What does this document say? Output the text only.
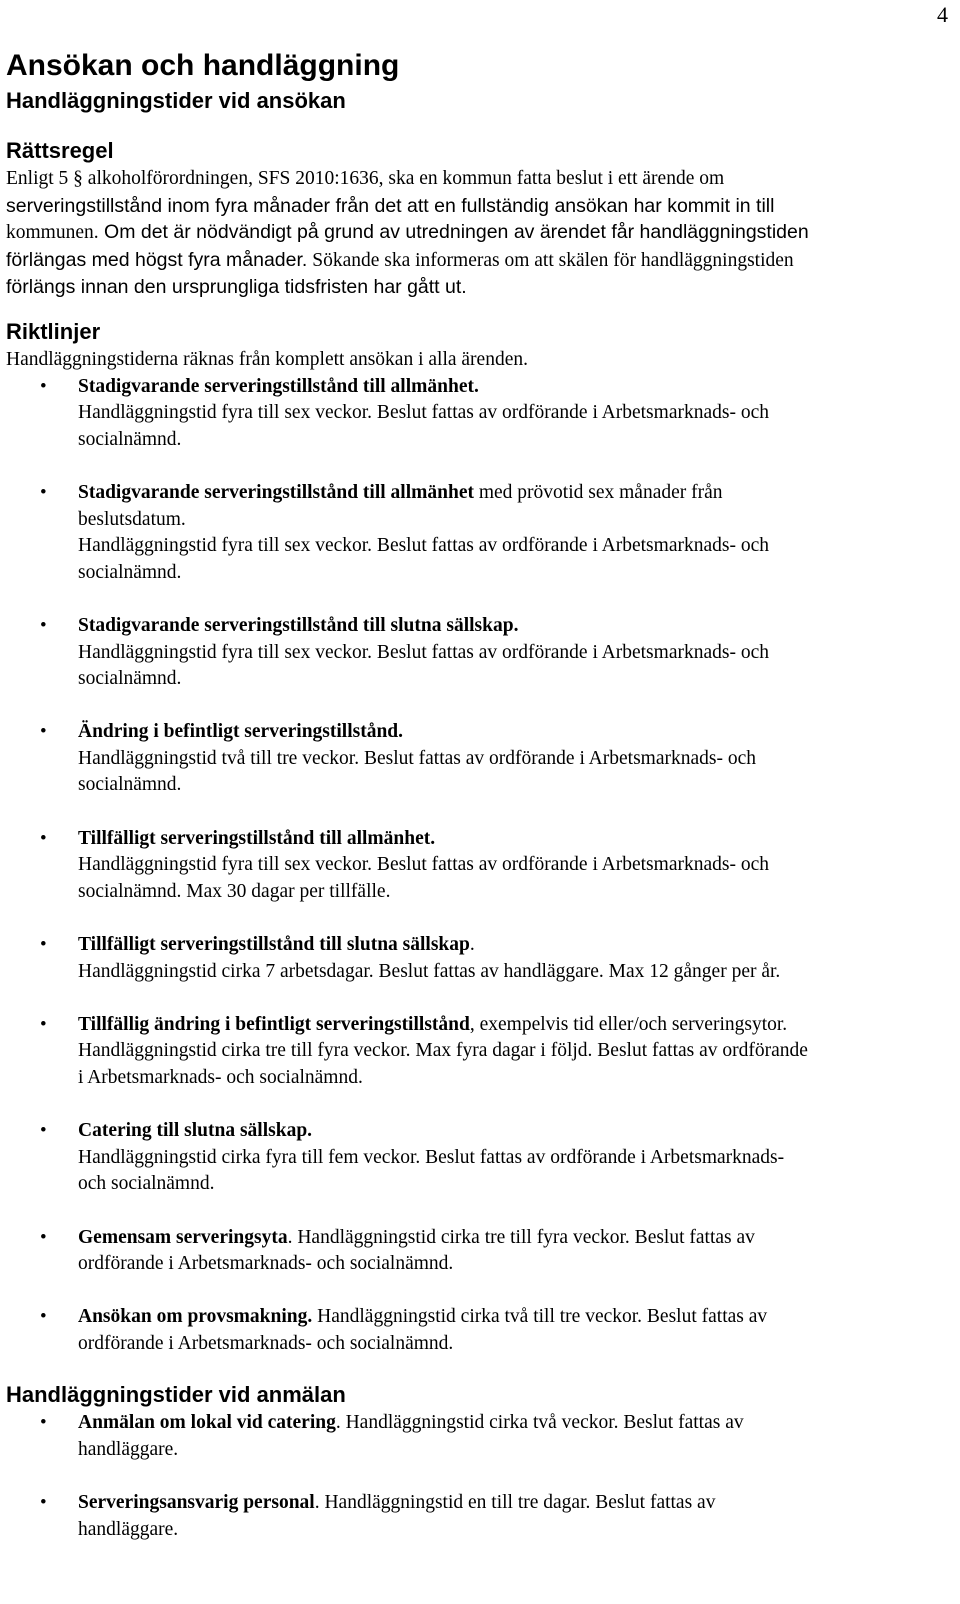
4
Ansökan och handläggning
Handläggningstider vid ansökan
Rättsregel

Enligt 5 § alkoholförordningen, SFS 2010:1636, ska en kommun fatta beslut i ett ärende om

serveringstillstånd inom fyra månader från det att en fullständig ansökan har kommit in till

kommunen. Om det är nödvändigt på grund av utredningen av ärendet får handläggningstiden

förlängas med högst fyra månader. Sökande ska informeras om att skälen för handläggningstiden

förlängs innan den ursprungliga tidsfristen har gått ut.

Riktlinjer

Handläggningstiderna räknas från komplett ansökan i alla ärenden.

• Stadigvarande serveringstillstånd till allmänhet.
Handläggningstid fyra till sex veckor. Beslut fattas av ordförande i Arbetsmarknads- och
socialnämnd.
• Stadigvarande serveringstillstånd till allmänhet med prövotid sex månader från
beslutsdatum.
Handläggningstid fyra till sex veckor. Beslut fattas av ordförande i Arbetsmarknads- och
socialnämnd.
• Stadigvarande serveringstillstånd till slutna sällskap.
Handläggningstid fyra till sex veckor. Beslut fattas av ordförande i Arbetsmarknads- och
socialnämnd.
• Ändring i befintligt serveringstillstånd.
Handläggningstid två till tre veckor. Beslut fattas av ordförande i Arbetsmarknads- och
socialnämnd.
• Tillfälligt serveringstillstånd till allmänhet.
Handläggningstid fyra till sex veckor. Beslut fattas av ordförande i Arbetsmarknads- och
socialnämnd. Max 30 dagar per tillfälle.
• Tillfälligt serveringstillstånd till slutna sällskap.
Handläggningstid cirka 7 arbetsdagar. Beslut fattas av handläggare. Max 12 gånger per år.
• Tillfällig ändring i befintligt serveringstillstånd, exempelvis tid eller/och serveringsytor.
Handläggningstid cirka tre till fyra veckor. Max fyra dagar i följd. Beslut fattas av ordförande
i Arbetsmarknads- och socialnämnd.
• Catering till slutna sällskap.
Handläggningstid cirka fyra till fem veckor. Beslut fattas av ordförande i Arbetsmarknads-
och socialnämnd.
• Gemensam serveringsyta. Handläggningstid cirka tre till fyra veckor. Beslut fattas av
ordförande i Arbetsmarknads- och socialnämnd.
• Ansökan om provsmakning. Handläggningstid cirka två till tre veckor. Beslut fattas av
ordförande i Arbetsmarknads- och socialnämnd.
Handläggningstider vid anmälan
• Anmälan om lokal vid catering. Handläggningstid cirka två veckor. Beslut fattas av
handläggare.
• Serveringsansvarig personal. Handläggningstid en till tre dagar. Beslut fattas av
handläggare.
